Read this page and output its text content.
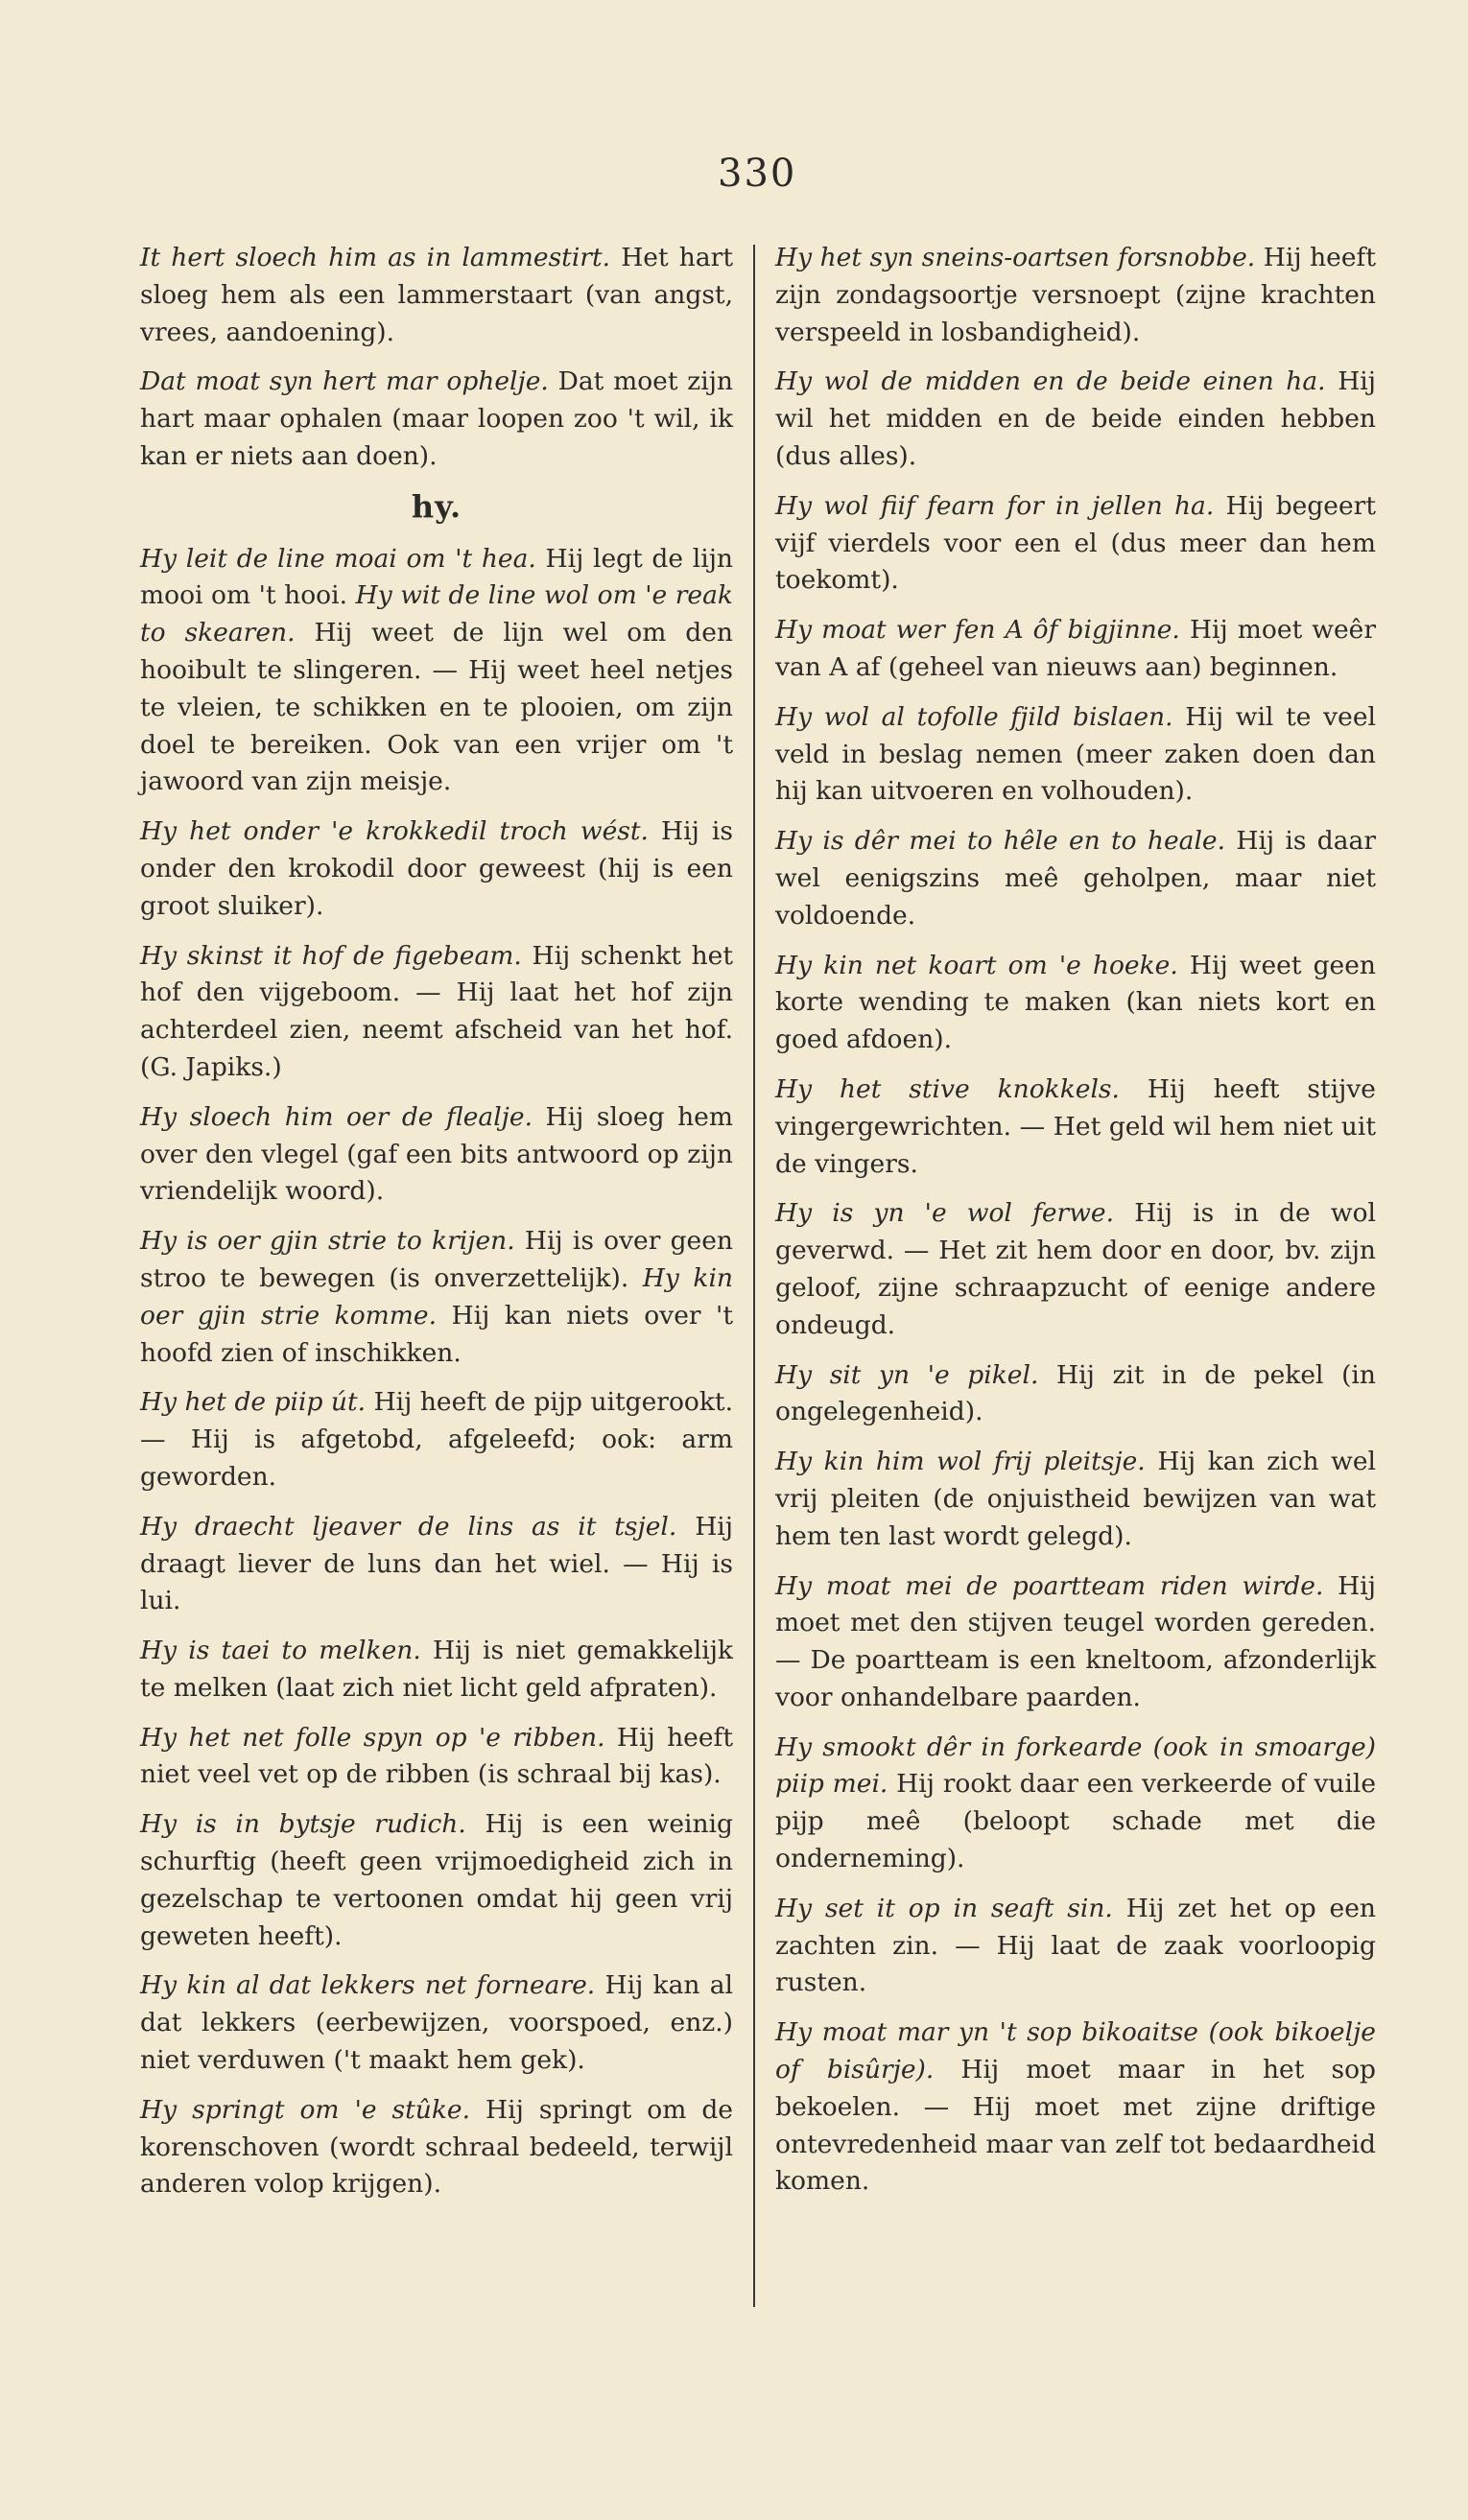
330

It hert sloech him as in lammestirt. Het hart sloeg hem als een lammerstaart (van angst, vrees, aandoening).

Dat moat syn hert mar ophelje. Dat moet zijn hart maar ophalen (maar loopen zoo 't wil, ik kan er niets aan doen).

hy.

Hy leit de line moai om 't hea. Hij legt de lijn mooi om 't hooi. Hy wit de line wol om 'e reak to skearen. Hij weet de lijn wel om den hooibult te slingeren. — Hij weet heel netjes te vleien, te schikken en te plooien, om zijn doel te bereiken. Ook van een vrijer om 't jawoord van zijn meisje.

Hy het onder 'e krokkedil troch wést. Hij is onder den krokodil door geweest (hij is een groot sluiker).

Hy skinst it hof de figebeam. Hij schenkt het hof den vijgeboom. — Hij laat het hof zijn achterdeel zien, neemt afscheid van het hof. (G. Japiks.)

Hy sloech him oer de flealje. Hij sloeg hem over den vlegel (gaf een bits antwoord op zijn vriendelijk woord).

Hy is oer gjin strie to krijen. Hij is over geen stroo te bewegen (is onverzettelijk). Hy kin oer gjin strie komme. Hij kan niets over 't hoofd zien of inschikken.

Hy het de piip út. Hij heeft de pijp uitgerookt. — Hij is afgetobd, afgeleefd; ook: arm geworden.

Hy draecht ljeaver de lins as it tsjel. Hij draagt liever de luns dan het wiel. — Hij is lui.

Hy is taei to melken. Hij is niet gemakkelijk te melken (laat zich niet licht geld afpraten).

Hy het net folle spyn op 'e ribben. Hij heeft niet veel vet op de ribben (is schraal bij kas).

Hy is in bytsje rudich. Hij is een weinig schurftig (heeft geen vrijmoedigheid zich in gezelschap te vertoonen omdat hij geen vrij geweten heeft).

Hy kin al dat lekkers net forneare. Hij kan al dat lekkers (eerbewijzen, voorspoed, enz.) niet verduwen ('t maakt hem gek).

Hy springt om 'e stûke. Hij springt om de korenschoven (wordt schraal bedeeld, terwijl anderen volop krijgen).

Hy het syn sneins-oartsen forsnobbe. Hij heeft zijn zondagsoortje versnoept (zijne krachten verspeeld in losbandigheid).

Hy wol de midden en de beide einen ha. Hij wil het midden en de beide einden hebben (dus alles).

Hy wol fiif fearn for in jellen ha. Hij begeert vijf vierdels voor een el (dus meer dan hem toekomt).

Hy moat wer fen A ôf bigjinne. Hij moet weêr van A af (geheel van nieuws aan) beginnen.

Hy wol al tofolle fjild bislaen. Hij wil te veel veld in beslag nemen (meer zaken doen dan hij kan uitvoeren en volhouden).

Hy is dêr mei to hêle en to heale. Hij is daar wel eenigszins meê geholpen, maar niet voldoende.

Hy kin net koart om 'e hoeke. Hij weet geen korte wending te maken (kan niets kort en goed afdoen).

Hy het stive knokkels. Hij heeft stijve vingergewrichten. — Het geld wil hem niet uit de vingers.

Hy is yn 'e wol ferwe. Hij is in de wol geverwd. — Het zit hem door en door, bv. zijn geloof, zijne schraapzucht of eenige andere ondeugd.

Hy sit yn 'e pikel. Hij zit in de pekel (in ongelegenheid).

Hy kin him wol frij pleitsje. Hij kan zich wel vrij pleiten (de onjuistheid bewijzen van wat hem ten last wordt gelegd).

Hy moat mei de poartteam riden wirde. Hij moet met den stijven teugel worden gereden. — De poartteam is een kneltoom, afzonderlijk voor onhandelbare paarden.

Hy smookt dêr in forkearde (ook in smoarge) piip mei. Hij rookt daar een verkeerde of vuile pijp meê (beloopt schade met die onderneming).

Hy set it op in seaft sin. Hij zet het op een zachten zin. — Hij laat de zaak voorloopig rusten.

Hy moat mar yn 't sop bikoaitse (ook bikoelje of bisûrje). Hij moet maar in het sop bekoelen. — Hij moet met zijne driftige ontevredenheid maar van zelf tot bedaardheid komen.
